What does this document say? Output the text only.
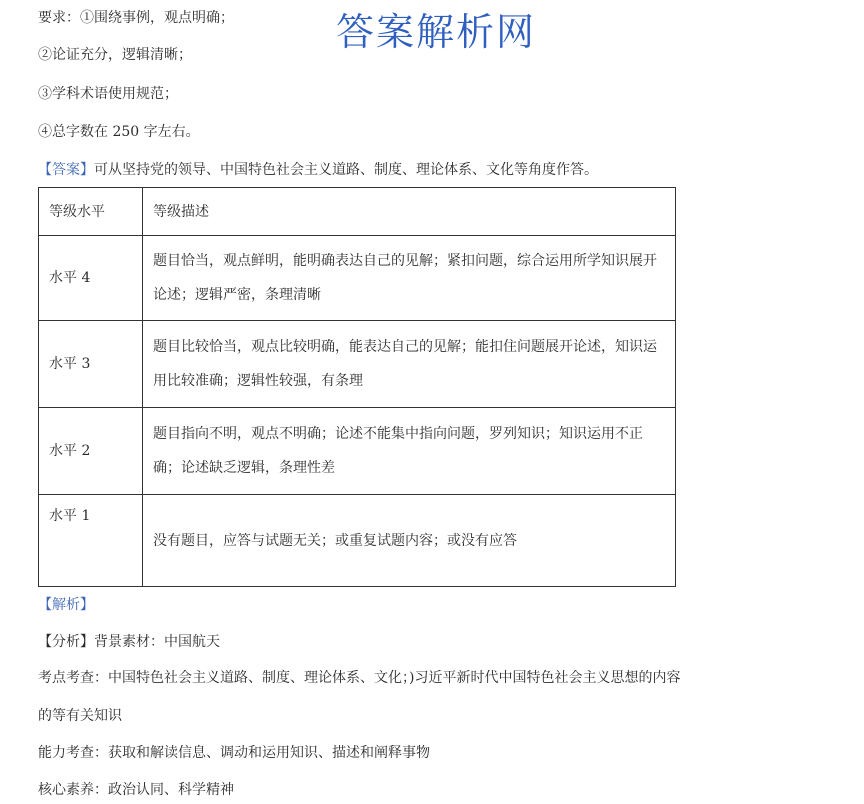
答案解析网
要求：①围绕事例，观点明确；
②论证充分，逻辑清晰；
③学科术语使用规范；
④总字数在 250 字左右。
【答案】可从坚持党的领导、中国特色社会主义道路、制度、理论体系、文化等角度作答。
等级水平	等级描述
水平 4	题目恰当，观点鲜明，能明确表达自己的见解；紧扣问题，综合运用所学知识展开论述；逻辑严密，条理清晰
水平 3	题目比较恰当，观点比较明确，能表达自己的见解；能扣住问题展开论述，知识运用比较准确；逻辑性较强，有条理
水平 2	题目指向不明，观点不明确；论述不能集中指向问题，罗列知识；知识运用不正确；论述缺乏逻辑，条理性差
水平 1	没有题目，应答与试题无关；或重复试题内容；或没有应答
【解析】
【分析】背景素材：中国航天
考点考查：中国特色社会主义道路、制度、理论体系、文化；)习近平新时代中国特色社会主义思想的内容
的等有关知识
能力考查：获取和解读信息、调动和运用知识、描述和阐释事物
核心素养：政治认同、科学精神
